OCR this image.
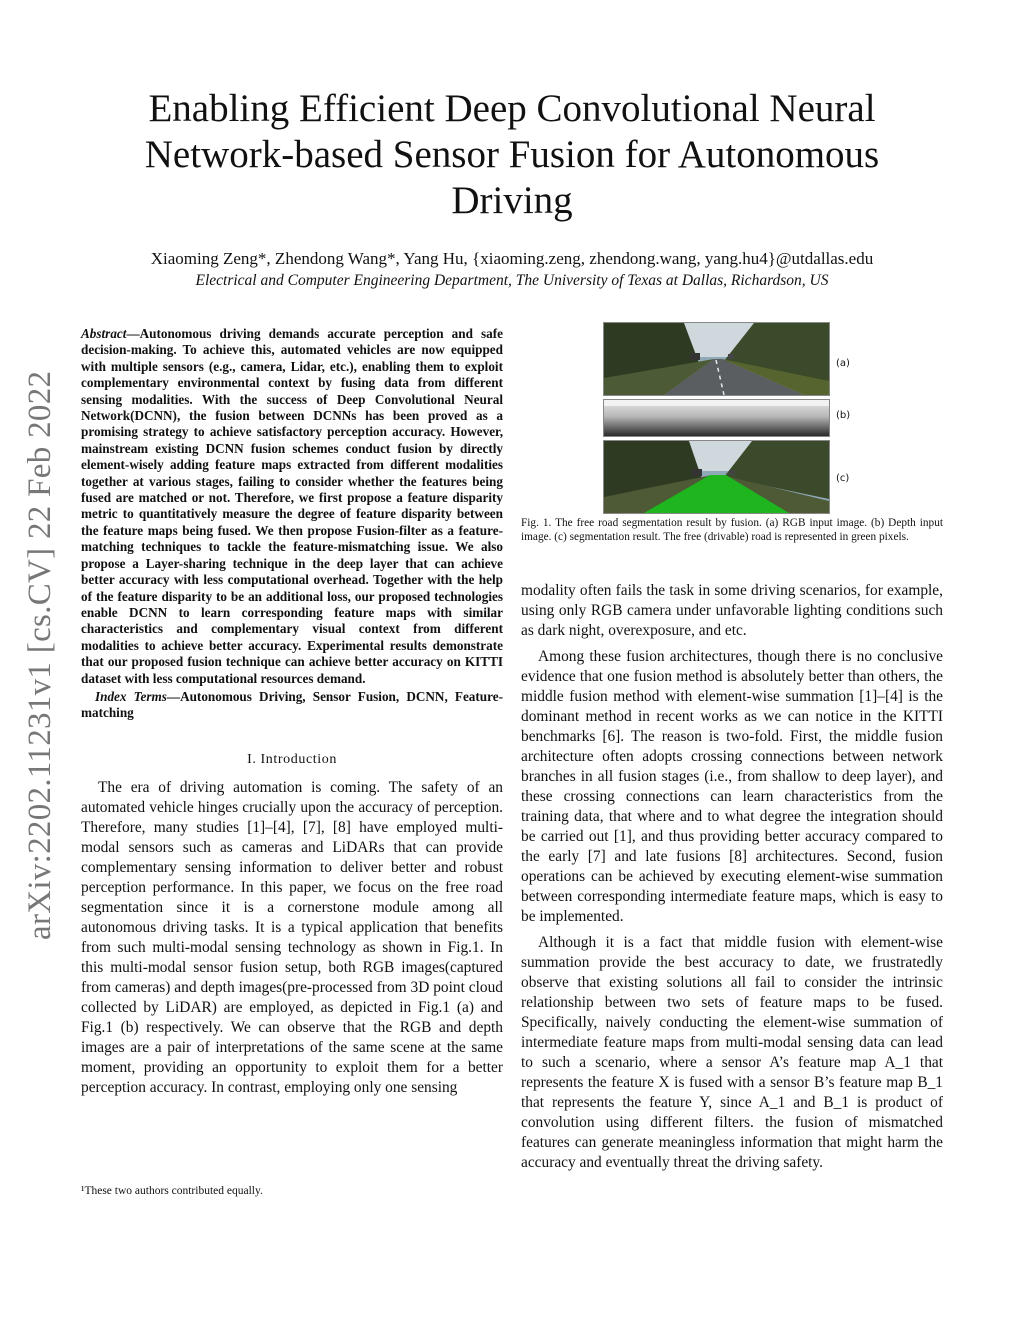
arXiv:2202.11231v1 [cs.CV] 22 Feb 2022
Enabling Efficient Deep Convolutional Neural Network-based Sensor Fusion for Autonomous Driving
Xiaoming Zeng*, Zhendong Wang*, Yang Hu, {xiaoming.zeng, zhendong.wang, yang.hu4}@utdallas.edu
Electrical and Computer Engineering Department, The University of Texas at Dallas, Richardson, US

Abstract—Autonomous driving demands accurate perception and safe decision-making. To achieve this, automated vehicles are now equipped with multiple sensors (e.g., camera, Lidar, etc.), enabling them to exploit complementary environmental context by fusing data from different sensing modalities. With the success of Deep Convolutional Neural Network(DCNN), the fusion between DCNNs has been proved as a promising strategy to achieve satisfactory perception accuracy. However, mainstream existing DCNN fusion schemes conduct fusion by directly element-wisely adding feature maps extracted from different modalities together at various stages, failing to consider whether the features being fused are matched or not. Therefore, we first propose a feature disparity metric to quantitatively measure the degree of feature disparity between the feature maps being fused. We then propose Fusion-filter as a feature-matching techniques to tackle the feature-mismatching issue. We also propose a Layer-sharing technique in the deep layer that can achieve better accuracy with less computational overhead. Together with the help of the feature disparity to be an additional loss, our proposed technologies enable DCNN to learn corresponding feature maps with similar characteristics and complementary visual context from different modalities to achieve better accuracy. Experimental results demonstrate that our proposed fusion technique can achieve better accuracy on KITTI dataset with less computational resources demand.

Index Terms—Autonomous Driving, Sensor Fusion, DCNN, Feature-matching

I. Introduction

The era of driving automation is coming. The safety of an automated vehicle hinges crucially upon the accuracy of perception. Therefore, many studies [1]–[4], [7], [8] have employed multi-modal sensors such as cameras and LiDARs that can provide complementary sensing information to deliver better and robust perception performance. In this paper, we focus on the free road segmentation since it is a cornerstone module among all autonomous driving tasks. It is a typical application that benefits from such multi-modal sensing technology as shown in Fig.1. In this multi-modal sensor fusion setup, both RGB images(captured from cameras) and depth images(pre-processed from 3D point cloud collected by LiDAR) are employed, as depicted in Fig.1 (a) and Fig.1 (b) respectively. We can observe that the RGB and depth images are a pair of interpretations of the same scene at the same moment, providing an opportunity to exploit them for a better perception accuracy. In contrast, employing only one sensing

¹These two authors contributed equally.
(a)
(b)
(c)
Fig. 1. The free road segmentation result by fusion. (a) RGB input image. (b) Depth input image. (c) segmentation result. The free (drivable) road is represented in green pixels.

modality often fails the task in some driving scenarios, for example, using only RGB camera under unfavorable lighting conditions such as dark night, overexposure, and etc.

Among these fusion architectures, though there is no conclusive evidence that one fusion method is absolutely better than others, the middle fusion method with element-wise summation [1]–[4] is the dominant method in recent works as we can notice in the KITTI benchmarks [6]. The reason is two-fold. First, the middle fusion architecture often adopts crossing connections between network branches in all fusion stages (i.e., from shallow to deep layer), and these crossing connections can learn characteristics from the training data, that where and to what degree the integration should be carried out [1], and thus providing better accuracy compared to the early [7] and late fusions [8] architectures. Second, fusion operations can be achieved by executing element-wise summation between corresponding intermediate feature maps, which is easy to be implemented.

Although it is a fact that middle fusion with element-wise summation provide the best accuracy to date, we frustratedly observe that existing solutions all fail to consider the intrinsic relationship between two sets of feature maps to be fused. Specifically, naively conducting the element-wise summation of intermediate feature maps from multi-modal sensing data can lead to such a scenario, where a sensor A’s feature map A_1 that represents the feature X is fused with a sensor B’s feature map B_1 that represents the feature Y, since A_1 and B_1 is product of convolution using different filters. the fusion of mismatched features can generate meaningless information that might harm the accuracy and eventually threat the driving safety.
